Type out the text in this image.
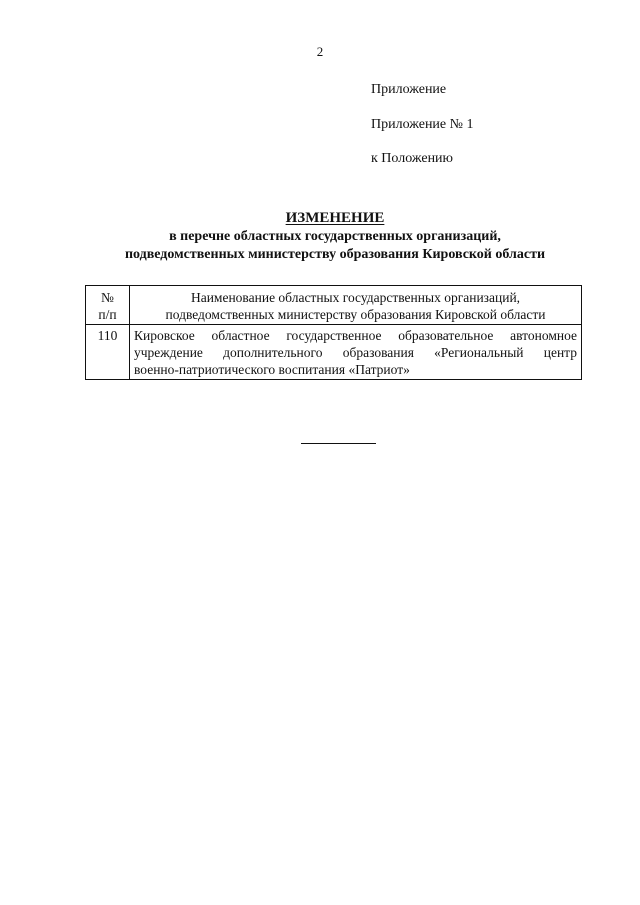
2
Приложение
Приложение № 1
к Положению
ИЗМЕНЕНИЕ
в перечне областных государственных организаций,
подведомственных министерству образования Кировской области
№
п/п	Наименование областных государственных организаций,
подведомственных министерству образования Кировской области

110	Кировское областное государственное образовательное автономное
учреждение дополнительного образования «Региональный центр
военно-патриотического воспитания «Патриот»
